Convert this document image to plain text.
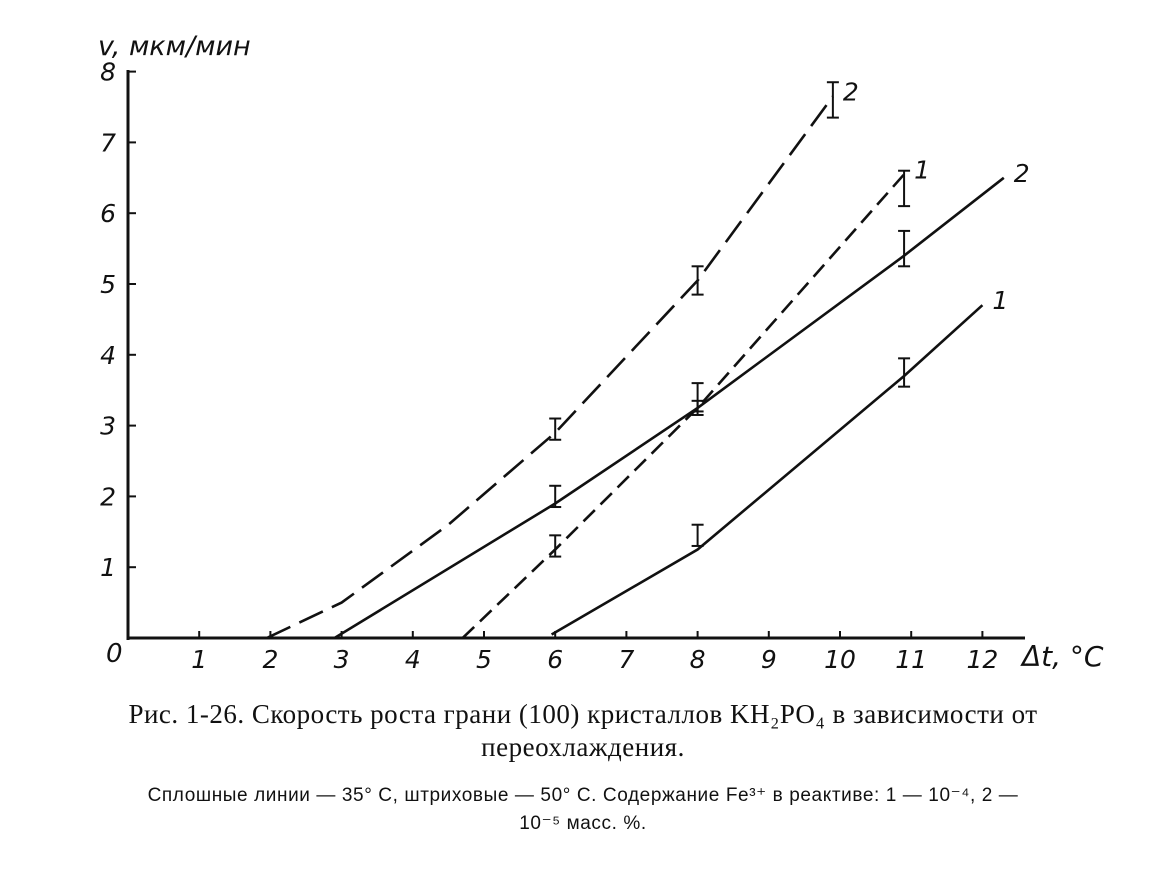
v, мкм/мин
Δt, °C
0	1 2 3 4 5 6 7 8 9 10 11 12
1
2
3
4
5
6
7
8
2
1	2
1
Рис. 1-26. Скорость роста грани (100) кристаллов KH₂PO₄ в зависимости от
переохлаждения.
Сплошные линии — 35° С, штриховые — 50° С. Содержание Fe³⁺ в реактиве: 1 — 10⁻⁴, 2 —
10⁻⁵ масс. %.
